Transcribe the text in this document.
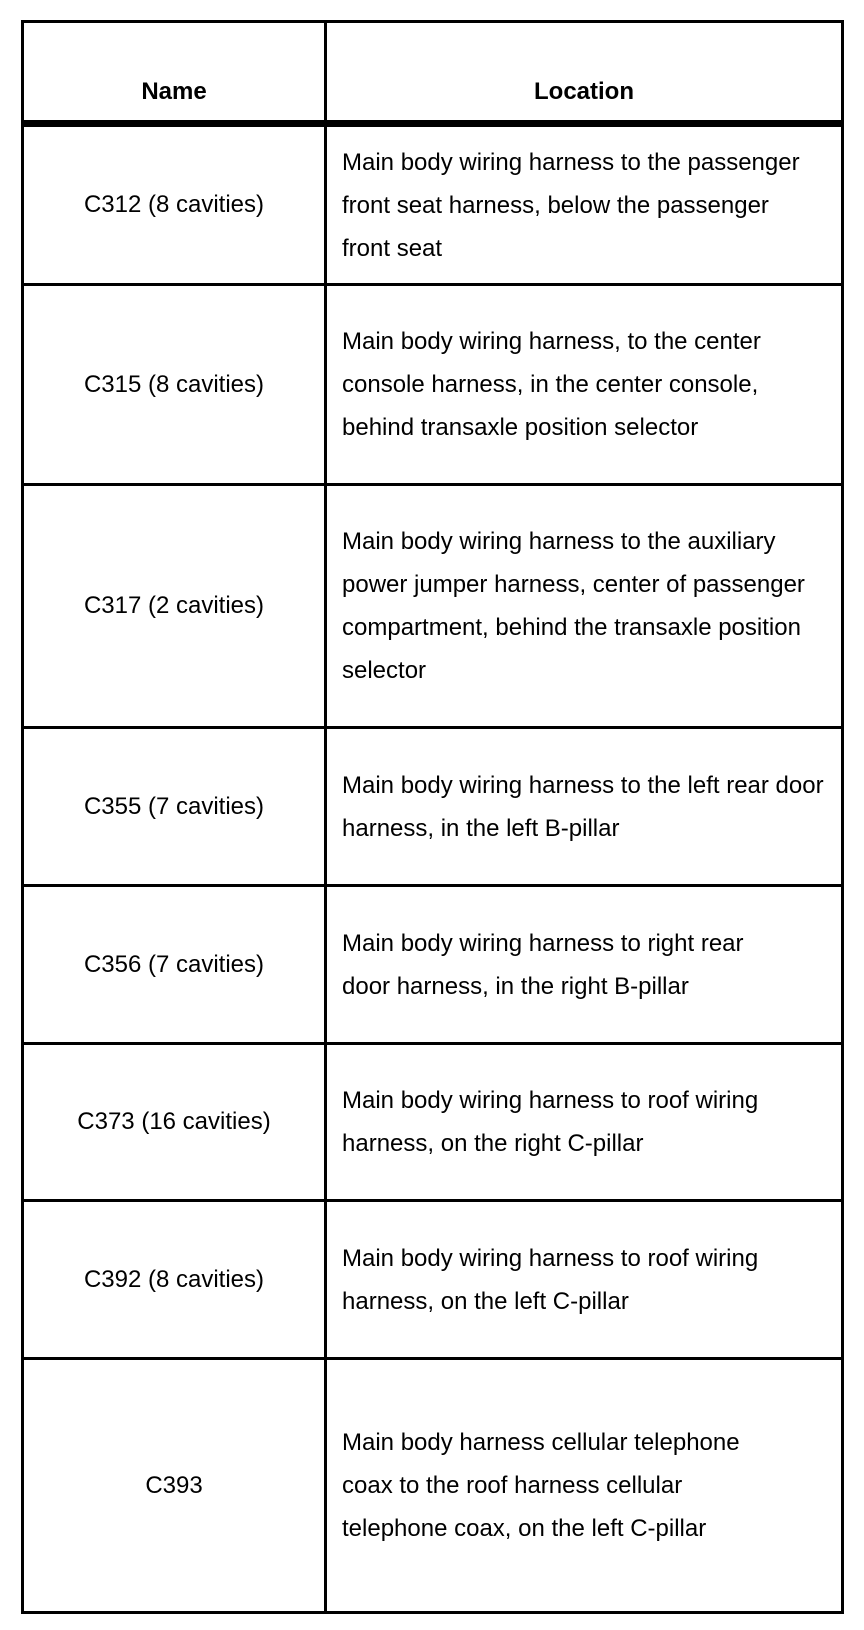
Name	Location
C312 (8 cavities)
Main body wiring harness to the passenger front seat harness, below the passenger front seat
C315 (8 cavities)
Main body wiring harness, to the center console harness, in the center console, behind transaxle position selector
C317 (2 cavities)
Main body wiring harness to the auxiliary power jumper harness, center of passenger compartment, behind the transaxle position selector
C355 (7 cavities)
Main body wiring harness to the left rear door harness, in the left B-pillar
C356 (7 cavities)
Main body wiring harness to right rear door harness, in the right B-pillar
C373 (16 cavities)
Main body wiring harness to roof wiring harness, on the right C-pillar
C392 (8 cavities)
Main body wiring harness to roof wiring harness, on the left C-pillar
C393
Main body harness cellular telephone coax to the roof harness cellular telephone coax, on the left C-pillar
